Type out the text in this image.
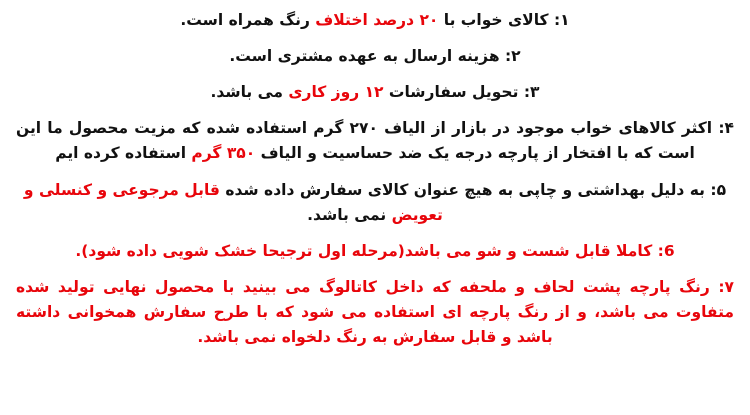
۱: کالای خواب با ۲۰ درصد اختلاف رنگ همراه است.

۲: هزینه ارسال به عهده مشتری است.

۳: تحویل سفارشات ۱۲ روز کاری می باشد.

۴: اکثر کالاهای خواب موجود در بازار از الیاف ۲۷۰ گرم استفاده شده که مزیت محصول ما این است که با افتخار از پارچه درجه یک ضد حساسیت و الیاف ۳۵۰ گرم استفاده کرده ایم

۵: به دلیل بهداشتی و چاپی به هیچ عنوان کالای سفارش داده شده قابل مرجوعی و کنسلی و تعویض نمی باشد.

6: کاملا قابل شست و شو می باشد(مرحله اول ترجیحا خشک شویی داده شود).

۷: رنگ پارچه پشت لحاف و ملحفه که داخل کاتالوگ می بینید با محصول نهایی تولید شده متفاوت می باشد، و از رنگ پارچه ای استفاده می شود که با طرح سفارش همخوانی داشته باشد و قابل سفارش به رنگ دلخواه نمی باشد.
